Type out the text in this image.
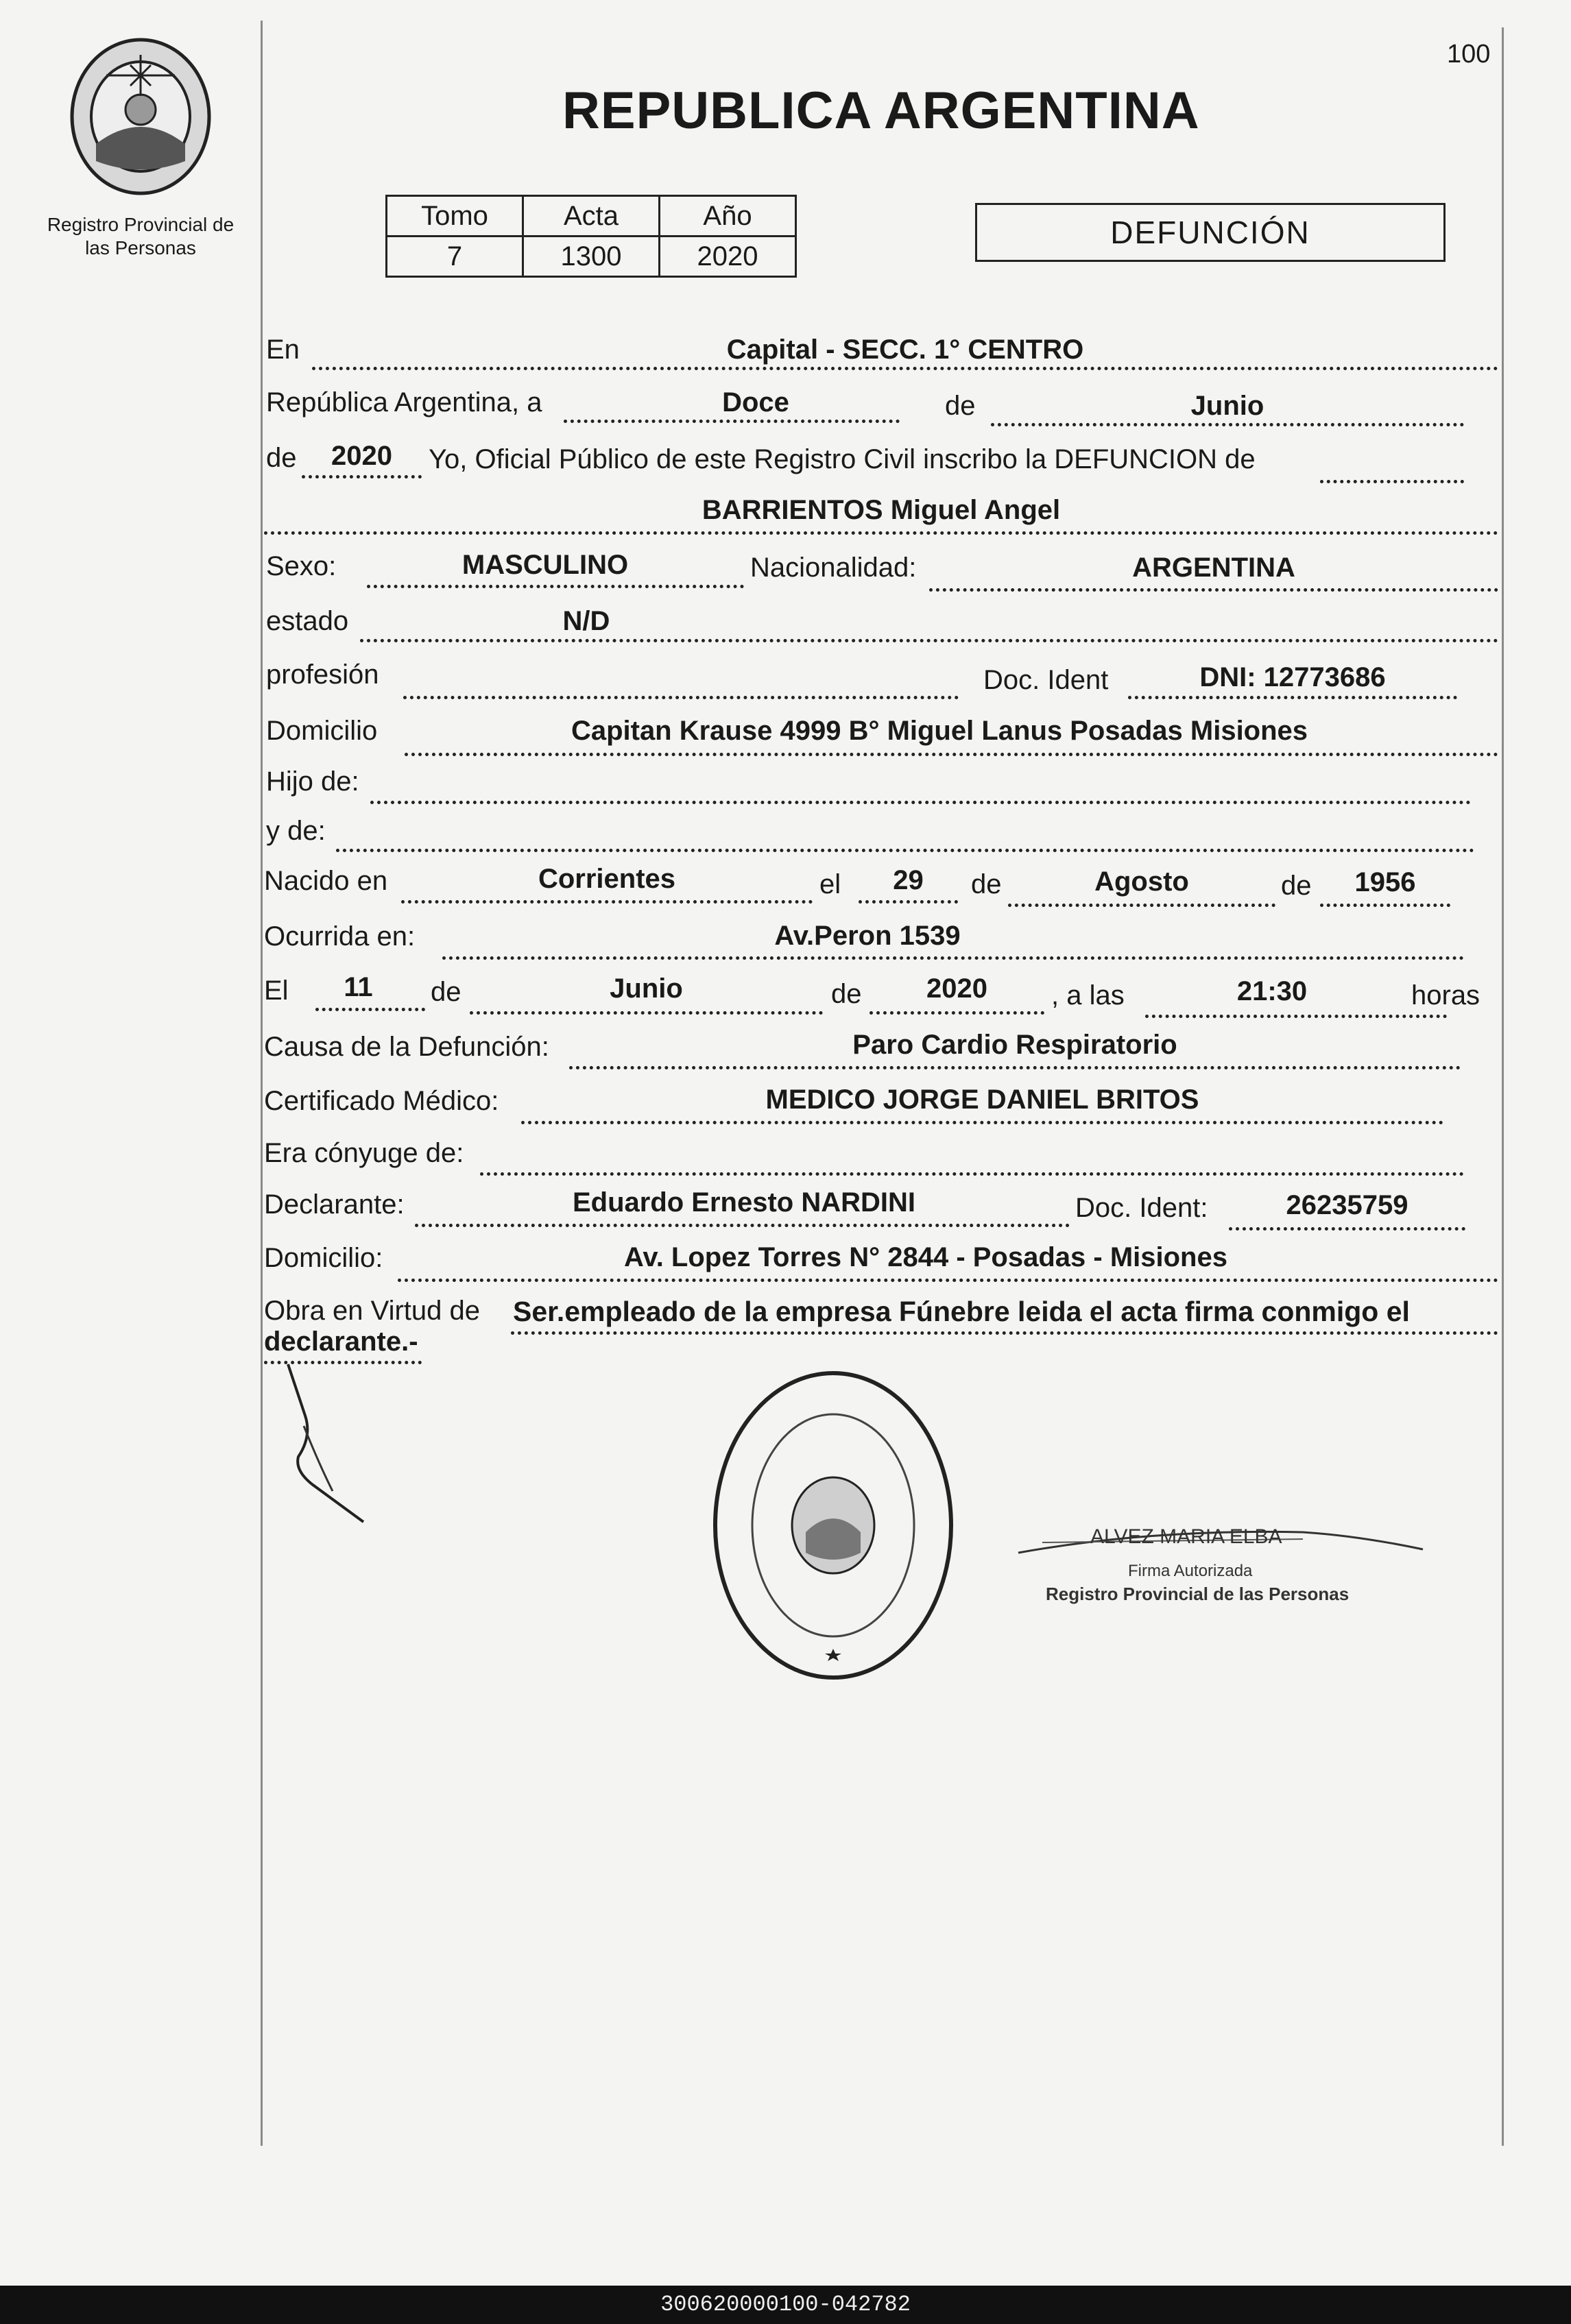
100
Registro Provincial de
las Personas
REPUBLICA ARGENTINA
Tomo	Acta	Año
7	1300	2020
DEFUNCIÓN
En	Capital - SECC. 1° CENTRO
República Argentina, a	Doce	de	Junio
de	2020	Yo, Oficial Público de este Registro Civil inscribo la DEFUNCION de
BARRIENTOS Miguel Angel
Sexo:	MASCULINO	Nacionalidad:	ARGENTINA
estado	N/D
profesión	Doc. Ident	DNI: 12773686
Domicilio	Capitan Krause 4999 B° Miguel Lanus Posadas Misiones
Hijo de:
y de:
Nacido en	Corrientes	el	29	de	Agosto	de	1956
Ocurrida en:	Av.Peron 1539
El	11	de	Junio	de	2020	, a las	21:30	horas
Causa de la Defunción:	Paro Cardio Respiratorio
Certificado Médico:	MEDICO JORGE DANIEL BRITOS
Era cónyuge de:
Declarante:	Eduardo Ernesto NARDINI	Doc. Ident:	26235759
Domicilio:	Av. Lopez Torres N° 2844 - Posadas - Misiones
Obra en Virtud de Ser.empleado de la empresa Fúnebre leida el acta firma conmigo el
declarante.-
ALVEZ MARIA ELBA
Firma Autorizada
Registro Provincial de las Personas
300620000100-042782
